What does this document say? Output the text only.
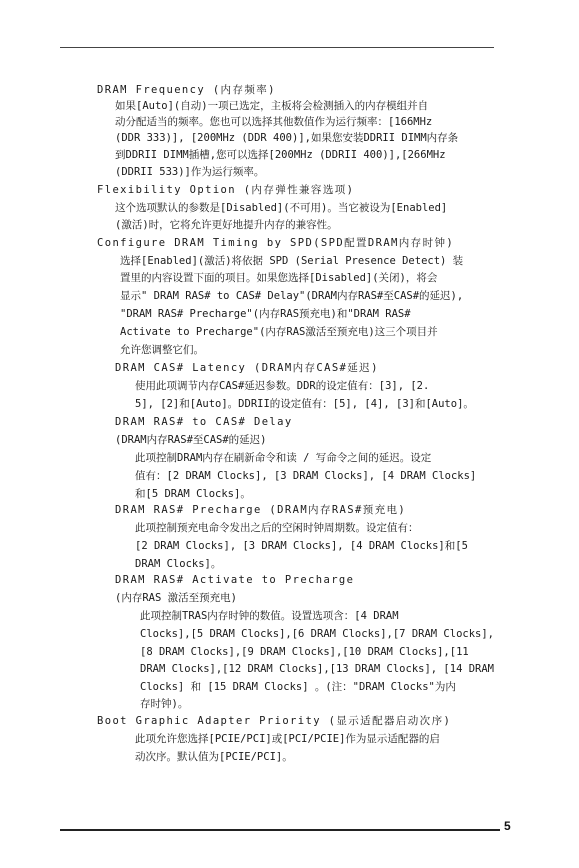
DRAM Frequency (内存频率)
如果[Auto](自动)一项已选定，主板将会检测插入的内存模组并自
动分配适当的频率。您也可以选择其他数值作为运行频率：[166MHz
(DDR 333)], [200MHz (DDR 400)],如果您安装DDRII DIMM内存条
到DDRII DIMM插槽,您可以选择[200MHz (DDRII 400)],[266MHz
(DDRII 533)]作为运行频率。
Flexibility Option (内存弹性兼容选项)
这个选项默认的参数是[Disabled](不可用)。当它被设为[Enabled]
(激活)时，它将允许更好地提升内存的兼容性。
Configure DRAM Timing by SPD(SPD配置DRAM内存时钟)
选择[Enabled](激活)将依据 SPD (Serial Presence Detect) 装
置里的内容设置下面的项目。如果您选择[Disabled](关闭)，将会
显示" DRAM RAS# to CAS# Delay"(DRAM内存RAS#至CAS#的延迟),
"DRAM RAS# Precharge"(内存RAS预充电)和"DRAM RAS#
Activate to Precharge"(内存RAS激活至预充电)这三个项目并
允许您调整它们。
DRAM CAS# Latency (DRAM内存CAS#延迟)
使用此项调节内存CAS#延迟参数。DDR的设定值有：[3], [2.
5], [2]和[Auto]。DDRII的设定值有：[5], [4], [3]和[Auto]。
DRAM RAS# to CAS# Delay
(DRAM内存RAS#至CAS#的延迟)
此项控制DRAM内存在刷新命令和读 / 写命令之间的延迟。设定
值有：[2 DRAM Clocks], [3 DRAM Clocks], [4 DRAM Clocks]
和[5 DRAM Clocks]。
DRAM RAS# Precharge (DRAM内存RAS#预充电)
此项控制预充电命令发出之后的空闲时钟周期数。设定值有：
[2 DRAM Clocks], [3 DRAM Clocks], [4 DRAM Clocks]和[5
DRAM Clocks]。
DRAM RAS# Activate to Precharge
(内存RAS 激活至预充电)
此项控制TRAS内存时钟的数值。设置选项含：[4 DRAM
Clocks],[5 DRAM Clocks],[6 DRAM Clocks],[7 DRAM Clocks],
[8 DRAM Clocks],[9 DRAM Clocks],[10 DRAM Clocks],[11
DRAM Clocks],[12 DRAM Clocks],[13 DRAM Clocks], [14 DRAM
Clocks] 和 [15 DRAM Clocks] 。(注："DRAM Clocks"为内
存时钟)。
Boot Graphic Adapter Priority (显示适配器启动次序)
此项允许您选择[PCIE/PCI]或[PCI/PCIE]作为显示适配器的启
动次序。默认值为[PCIE/PCI]。
5
